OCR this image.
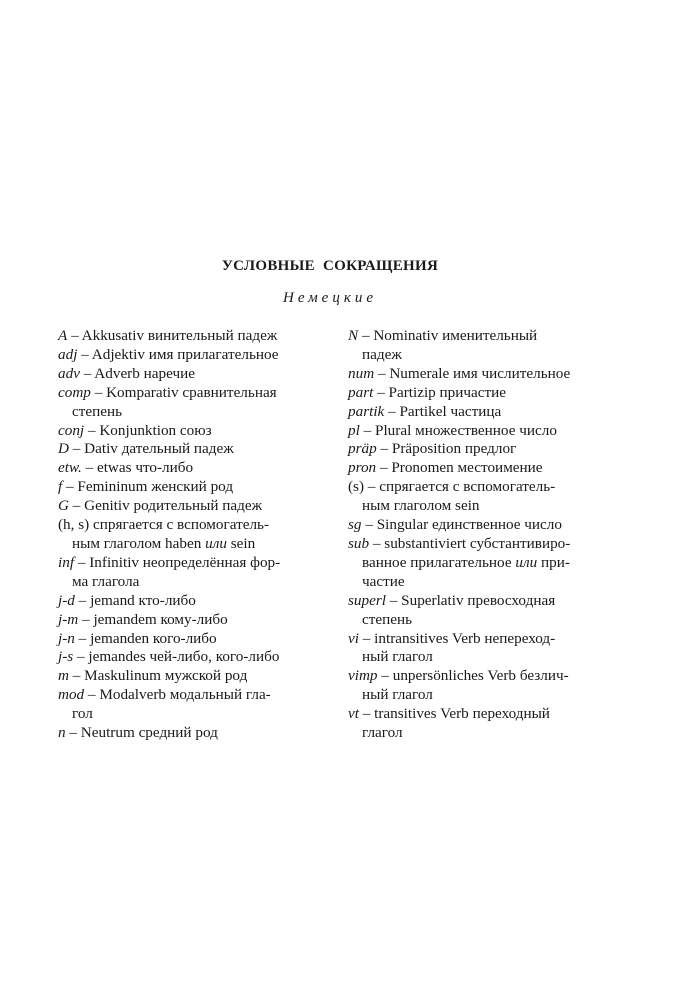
УСЛОВНЫЕ СОКРАЩЕНИЯ
Немецкие
A – Akkusativ винительный падеж
adj – Adjektiv имя прилагательное
adv – Adverb наречие
comp – Komparativ сравнительная
степень
conj – Konjunktion союз
D – Dativ дательный падеж
etw. – etwas что-либо
f – Femininum женский род
G – Genitiv родительный падеж
(h, s) спрягается с вспомогатель-
ным глаголом haben или sein
inf – Infinitiv неопределённая фор-
ма глагола
j-d – jemand кто-либо
j-m – jemandem кому-либо
j-n – jemanden кого-либо
j-s – jemandes чей-либо, кого-либо
m – Maskulinum мужской род
mod – Modalverb модальный гла-
гол
n – Neutrum средний род
N – Nominativ именительный
падеж
num – Numerale имя числительное
part – Partizip причастие
partik – Partikel частица
pl – Plural множественное число
präp – Präposition предлог
pron – Pronomen местоимение
(s) – спрягается с вспомогатель-
ным глаголом sein
sg – Singular единственное число
sub – substantiviert субстантивиро-
ванное прилагательное или при-
частие
superl – Superlativ превосходная
степень
vi – intransitives Verb непереход-
ный глагол
vimp – unpersönliches Verb безлич-
ный глагол
vt – transitives Verb переходный
глагол
